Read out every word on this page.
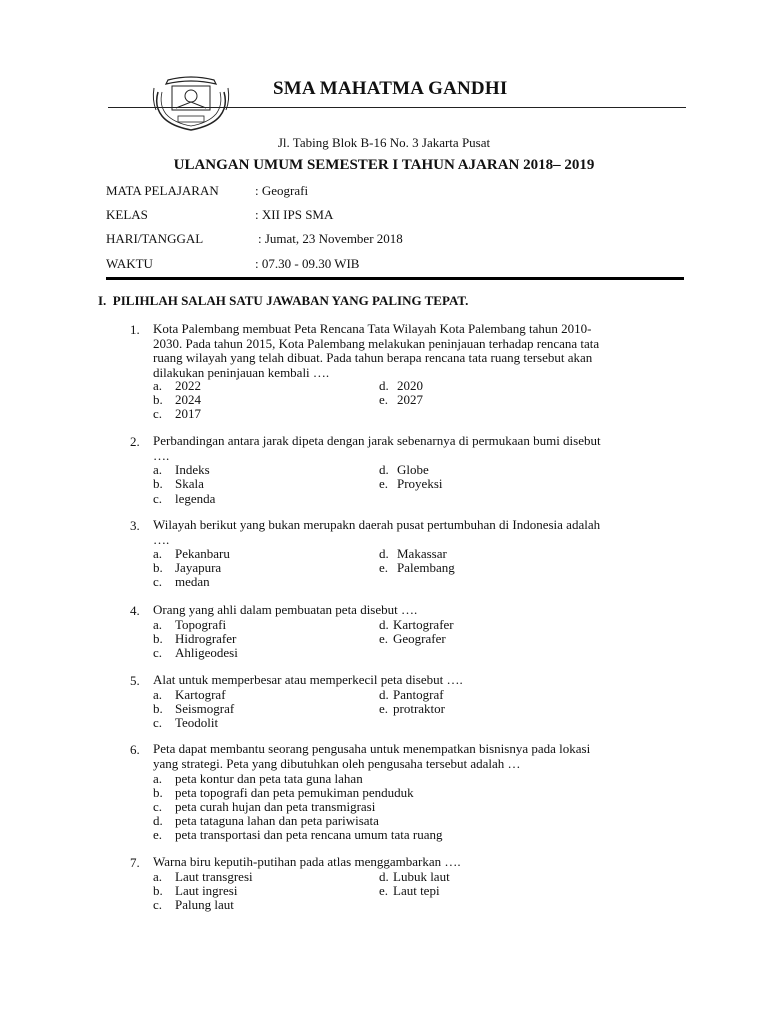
SMA MAHATMA GANDHI
Jl. Tabing Blok B-16 No. 3 Jakarta Pusat
ULANGAN UMUM SEMESTER I TAHUN AJARAN 2018– 2019
MATA PELAJARAN	: Geografi
KELAS	: XII IPS SMA
HARI/TANGGAL	: Jumat, 23 November 2018
WAKTU	: 07.30 - 09.30 WIB
I.  PILIHLAH SALAH SATU JAWABAN YANG PALING TEPAT.
1. Kota Palembang membuat Peta Rencana Tata Wilayah Kota Palembang tahun 2010-
2030. Pada tahun 2015, Kota Palembang melakukan peninjauan terhadap rencana tata
ruang wilayah yang telah dibuat. Pada tahun berapa rencana tata ruang tersebut akan
dilakukan peninjauan kembali ….
a. 2022	d. 2020
b. 2024	e. 2027
c. 2017
2. Perbandingan antara jarak dipeta dengan jarak sebenarnya di permukaan bumi disebut
….
a. Indeks	d. Globe
b. Skala	e. Proyeksi
c. legenda
3. Wilayah berikut yang bukan merupakn daerah pusat pertumbuhan di Indonesia adalah
….
a. Pekanbaru	d. Makassar
b. Jayapura	e. Palembang
c. medan
4. Orang yang ahli dalam pembuatan peta disebut ….
a. Topografi	d. Kartografer
b. Hidrografer	e. Geografer
c. Ahligeodesi
5. Alat untuk memperbesar atau memperkecil peta disebut ….
a. Kartograf	d. Pantograf
b. Seismograf	e. protraktor
c. Teodolit
6. Peta dapat membantu seorang pengusaha untuk menempatkan bisnisnya pada lokasi
yang strategi. Peta yang dibutuhkan oleh pengusaha tersebut adalah …
a. peta kontur dan peta tata guna lahan
b. peta topografi dan peta pemukiman penduduk
c. peta curah hujan dan peta transmigrasi
d. peta tataguna lahan dan peta pariwisata
e. peta transportasi dan peta rencana umum tata ruang
7. Warna biru keputih-putihan pada atlas menggambarkan ….
a. Laut transgresi	d. Lubuk laut
b. Laut ingresi	e. Laut tepi
c. Palung laut
